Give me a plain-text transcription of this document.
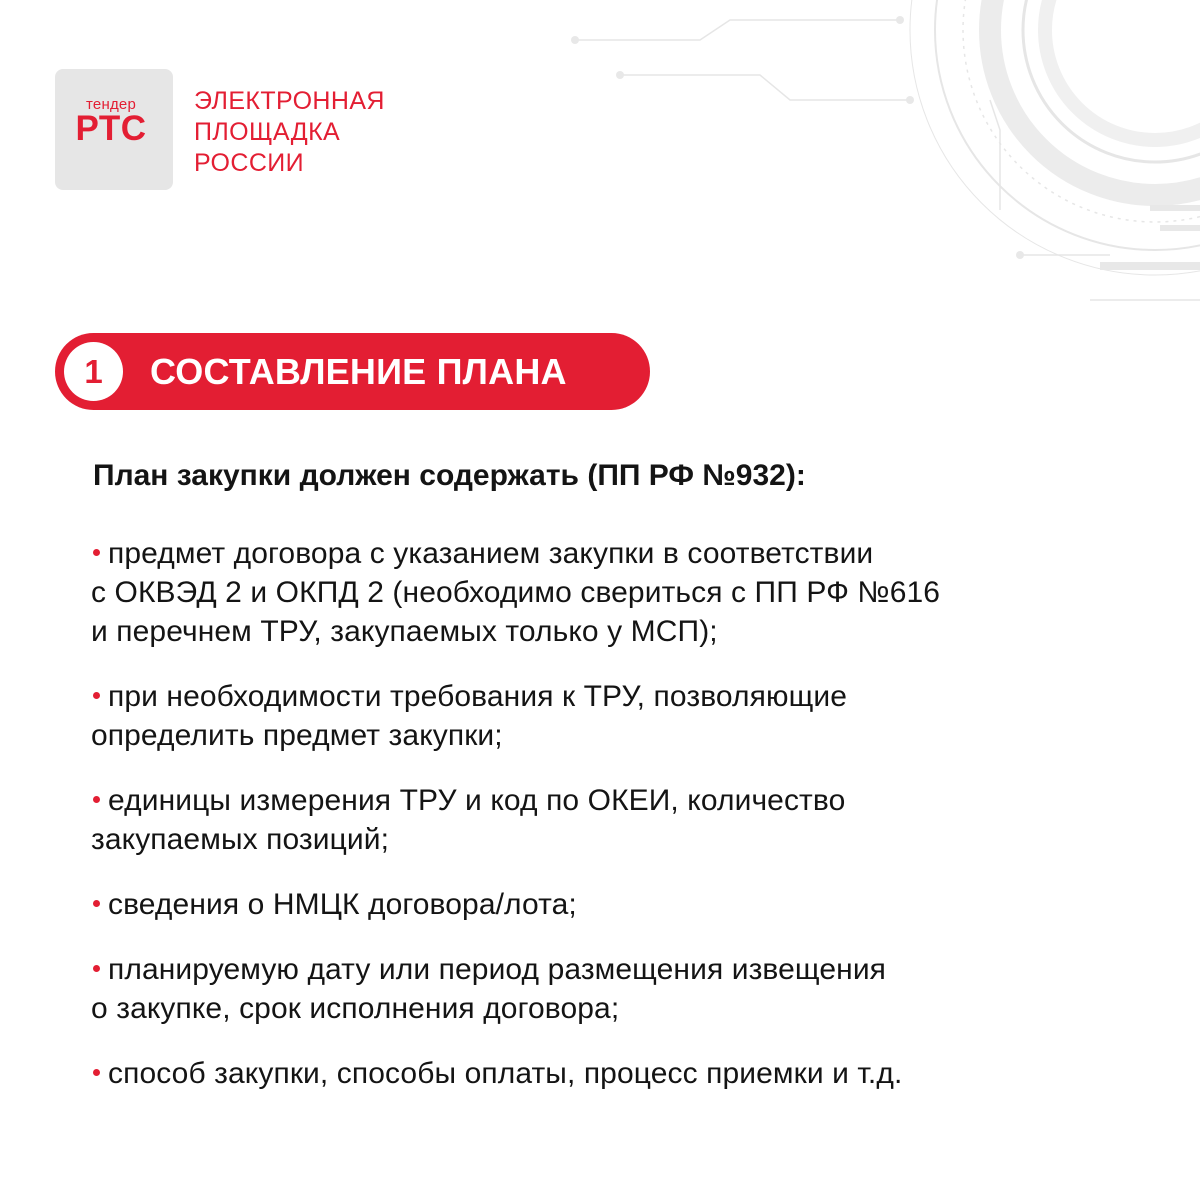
тендер
РТС
ЭЛЕКТРОННАЯ
ПЛОЩАДКА
РОССИИ
1	СОСТАВЛЕНИЕ ПЛАНА
План закупки должен содержать (ПП РФ №932):
предмет договора с указанием закупки в соответствии
с ОКВЭД 2 и ОКПД 2 (необходимо свериться с ПП РФ №616
и перечнем ТРУ, закупаемых только у МСП);
при необходимости требования к ТРУ, позволяющие
определить предмет закупки;
единицы измерения ТРУ и код по ОКЕИ, количество
закупаемых позиций;
сведения о НМЦК договора/лота;
планируемую дату или период размещения извещения
о закупке, срок исполнения договора;
способ закупки, способы оплаты, процесс приемки и т.д.
